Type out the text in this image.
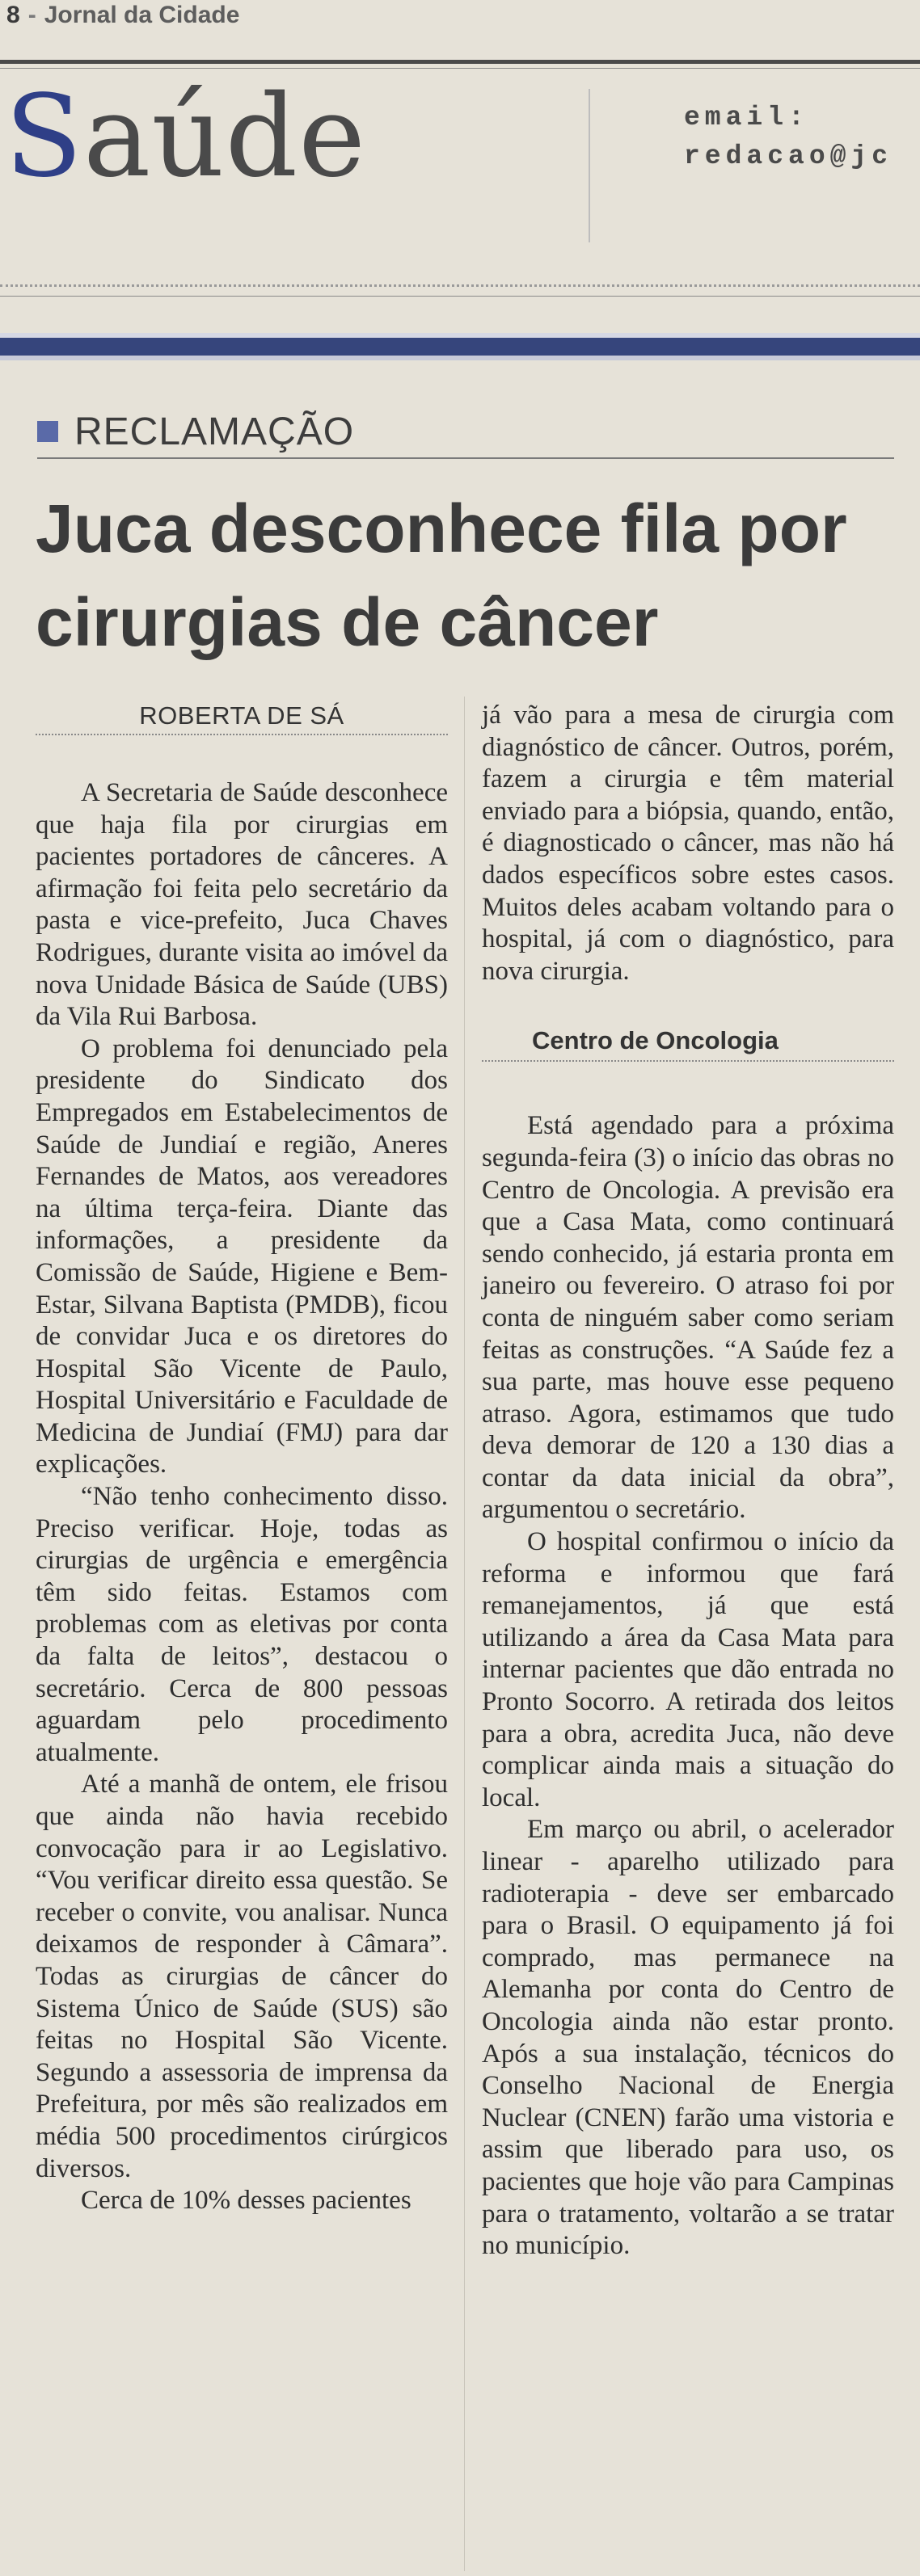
8 - Jornal da Cidade
Saúde	email:
redacao@jc
RECLAMAÇÃO
Juca desconhece fila por cirurgias de câncer
ROBERTA DE SÁ

A Secretaria de Saúde desconhece que haja fila por cirurgias em pacientes portadores de cânceres. A afirmação foi feita pelo secretário da pasta e vice-prefeito, Juca Chaves Rodrigues, durante visita ao imóvel da nova Unidade Básica de Saúde (UBS) da Vila Rui Barbosa.

O problema foi denunciado pela presidente do Sindicato dos Empregados em Estabelecimentos de Saúde de Jundiaí e região, Aneres Fernandes de Matos, aos vereadores na última terça-feira. Diante das informações, a presidente da Comissão de Saúde, Higiene e Bem-Estar, Silvana Baptista (PMDB), ficou de convidar Juca e os diretores do Hospital São Vicente de Paulo, Hospital Universitário e Faculdade de Medicina de Jundiaí (FMJ) para dar explicações.

“Não tenho conhecimento disso. Preciso verificar. Hoje, todas as cirurgias de urgência e emergência têm sido feitas. Estamos com problemas com as eletivas por conta da falta de leitos”, destacou o secretário. Cerca de 800 pessoas aguardam pelo procedimento atualmente.

Até a manhã de ontem, ele frisou que ainda não havia recebido convocação para ir ao Legislativo. “Vou verificar direito essa questão. Se receber o convite, vou analisar. Nunca deixamos de responder à Câmara”. Todas as cirurgias de câncer do Sistema Único de Saúde (SUS) são feitas no Hospital São Vicente. Segundo a assessoria de imprensa da Prefeitura, por mês são realizados em média 500 procedimentos cirúrgicos diversos.

Cerca de 10% desses pacientes

já vão para a mesa de cirurgia com diagnóstico de câncer. Outros, porém, fazem a cirurgia e têm material enviado para a biópsia, quando, então, é diagnosticado o câncer, mas não há dados específicos sobre estes casos. Muitos deles acabam voltando para o hospital, já com o diagnóstico, para nova cirurgia.

Centro de Oncologia

Está agendado para a próxima segunda-feira (3) o início das obras no Centro de Oncologia. A previsão era que a Casa Mata, como continuará sendo conhecido, já estaria pronta em janeiro ou fevereiro. O atraso foi por conta de ninguém saber como seriam feitas as construções. “A Saúde fez a sua parte, mas houve esse pequeno atraso. Agora, estimamos que tudo deva demorar de 120 a 130 dias a contar da data inicial da obra”, argumentou o secretário.

O hospital confirmou o início da reforma e informou que fará remanejamentos, já que está utilizando a área da Casa Mata para internar pacientes que dão entrada no Pronto Socorro. A retirada dos leitos para a obra, acredita Juca, não deve complicar ainda mais a situação do local.

Em março ou abril, o acelerador linear - aparelho utilizado para radioterapia - deve ser embarcado para o Brasil. O equipamento já foi comprado, mas permanece na Alemanha por conta do Centro de Oncologia ainda não estar pronto. Após a sua instalação, técnicos do Conselho Nacional de Energia Nuclear (CNEN) farão uma vistoria e assim que liberado para uso, os pacientes que hoje vão para Campinas para o tratamento, voltarão a se tratar no município.
